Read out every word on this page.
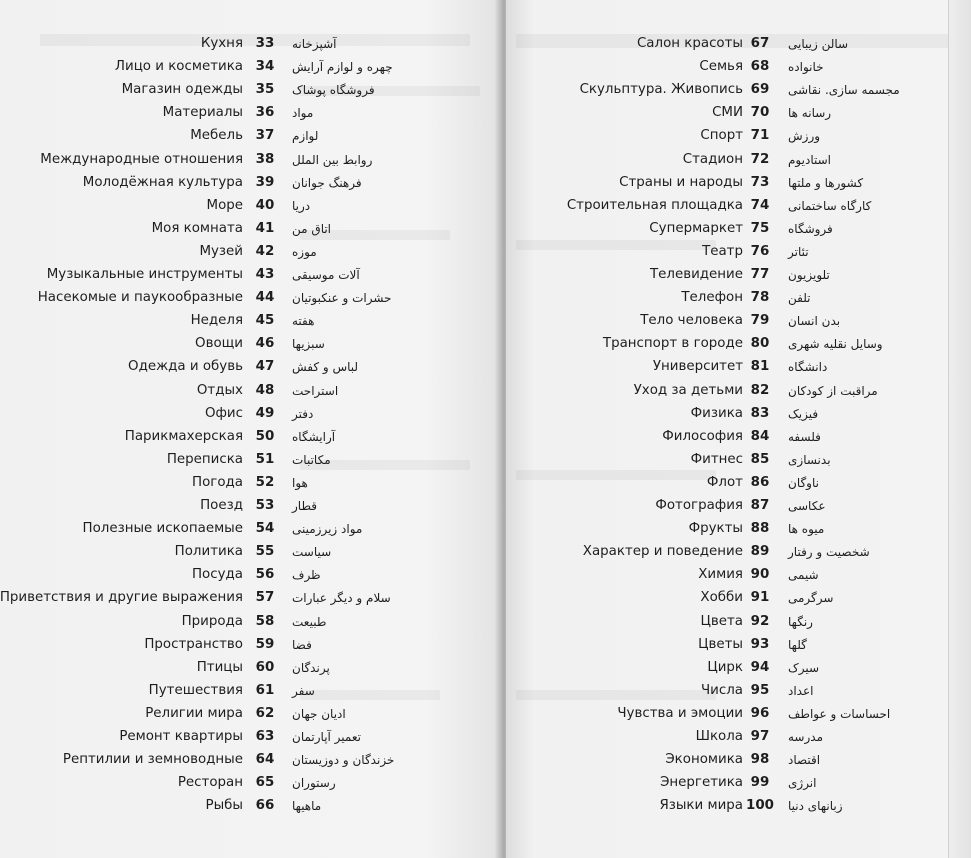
Кухня 33	آشپزخانه
Лицо и косметика 34	چهره و لوازم آرایش
Магазин одежды 35	فروشگاه پوشاک
Материалы 36	مواد
Мебель 37	لوازم
Международные отношения 38	روابط بین الملل
Молодёжная культура 39	فرهنگ جوانان
Море 40	دریا
Моя комната 41	اتاق من
Музей 42	موزه
Музыкальные инструменты 43	آلات موسیقی
Насекомые и паукообразные 44	حشرات و عنکبوتیان
Неделя 45	هفته
Овощи 46	سبزیها
Одежда и обувь 47	لباس و کفش
Отдых 48	استراحت
Офис 49	دفتر
Парикмахерская 50	آرایشگاه
Переписка 51	مکاتبات
Погода 52	هوا
Поезд 53	قطار
Полезные ископаемые 54	مواد زیرزمینی
Политика 55	سیاست
Посуда 56	ظرف
Приветствия и другие выражения 57	سلام و دیگر عبارات
Природа 58	طبیعت
Пространство 59	فضا
Птицы 60	پرندگان
Путешествия 61	سفر
Религии мира 62	ادیان جهان
Ремонт квартиры 63	تعمیر آپارتمان
Рептилии и земноводные 64	خزندگان و دوزیستان
Ресторан 65	رستوران
Рыбы 66	ماهیها
Салон красоты 67	سالن زیبایی
Семья 68	خانواده
Скульптура. Живопись 69	مجسمه سازی. نقاشی
СМИ 70	رسانه ها
Спорт 71	ورزش
Стадион 72	استادیوم
Страны и народы 73	کشورها و ملتها
Строительная площадка 74	کارگاه ساختمانی
Супермаркет 75	فروشگاه
Театр 76	تئاتر
Телевидение 77	تلویزیون
Телефон 78	تلفن
Тело человека 79	بدن انسان
Транспорт в городе 80	وسایل نقلیه شهری
Университет 81	دانشگاه
Уход за детьми 82	مراقبت از کودکان
Физика 83	فیزیک
Философия 84	فلسفه
Фитнес 85	بدنسازی
Флот 86	ناوگان
Фотография 87	عکاسی
Фрукты 88	میوه ها
Характер и поведение 89	شخصیت و رفتار
Химия 90	شیمی
Хобби 91	سرگرمی
Цвета 92	رنگها
Цветы 93	گلها
Цирк 94	سیرک
Числа 95	اعداد
Чувства и эмоции 96	احساسات و عواطف
Школа 97	مدرسه
Экономика 98	اقتصاد
Энергетика 99	انرژی
Языки мира 100 زبانهای دنیا
